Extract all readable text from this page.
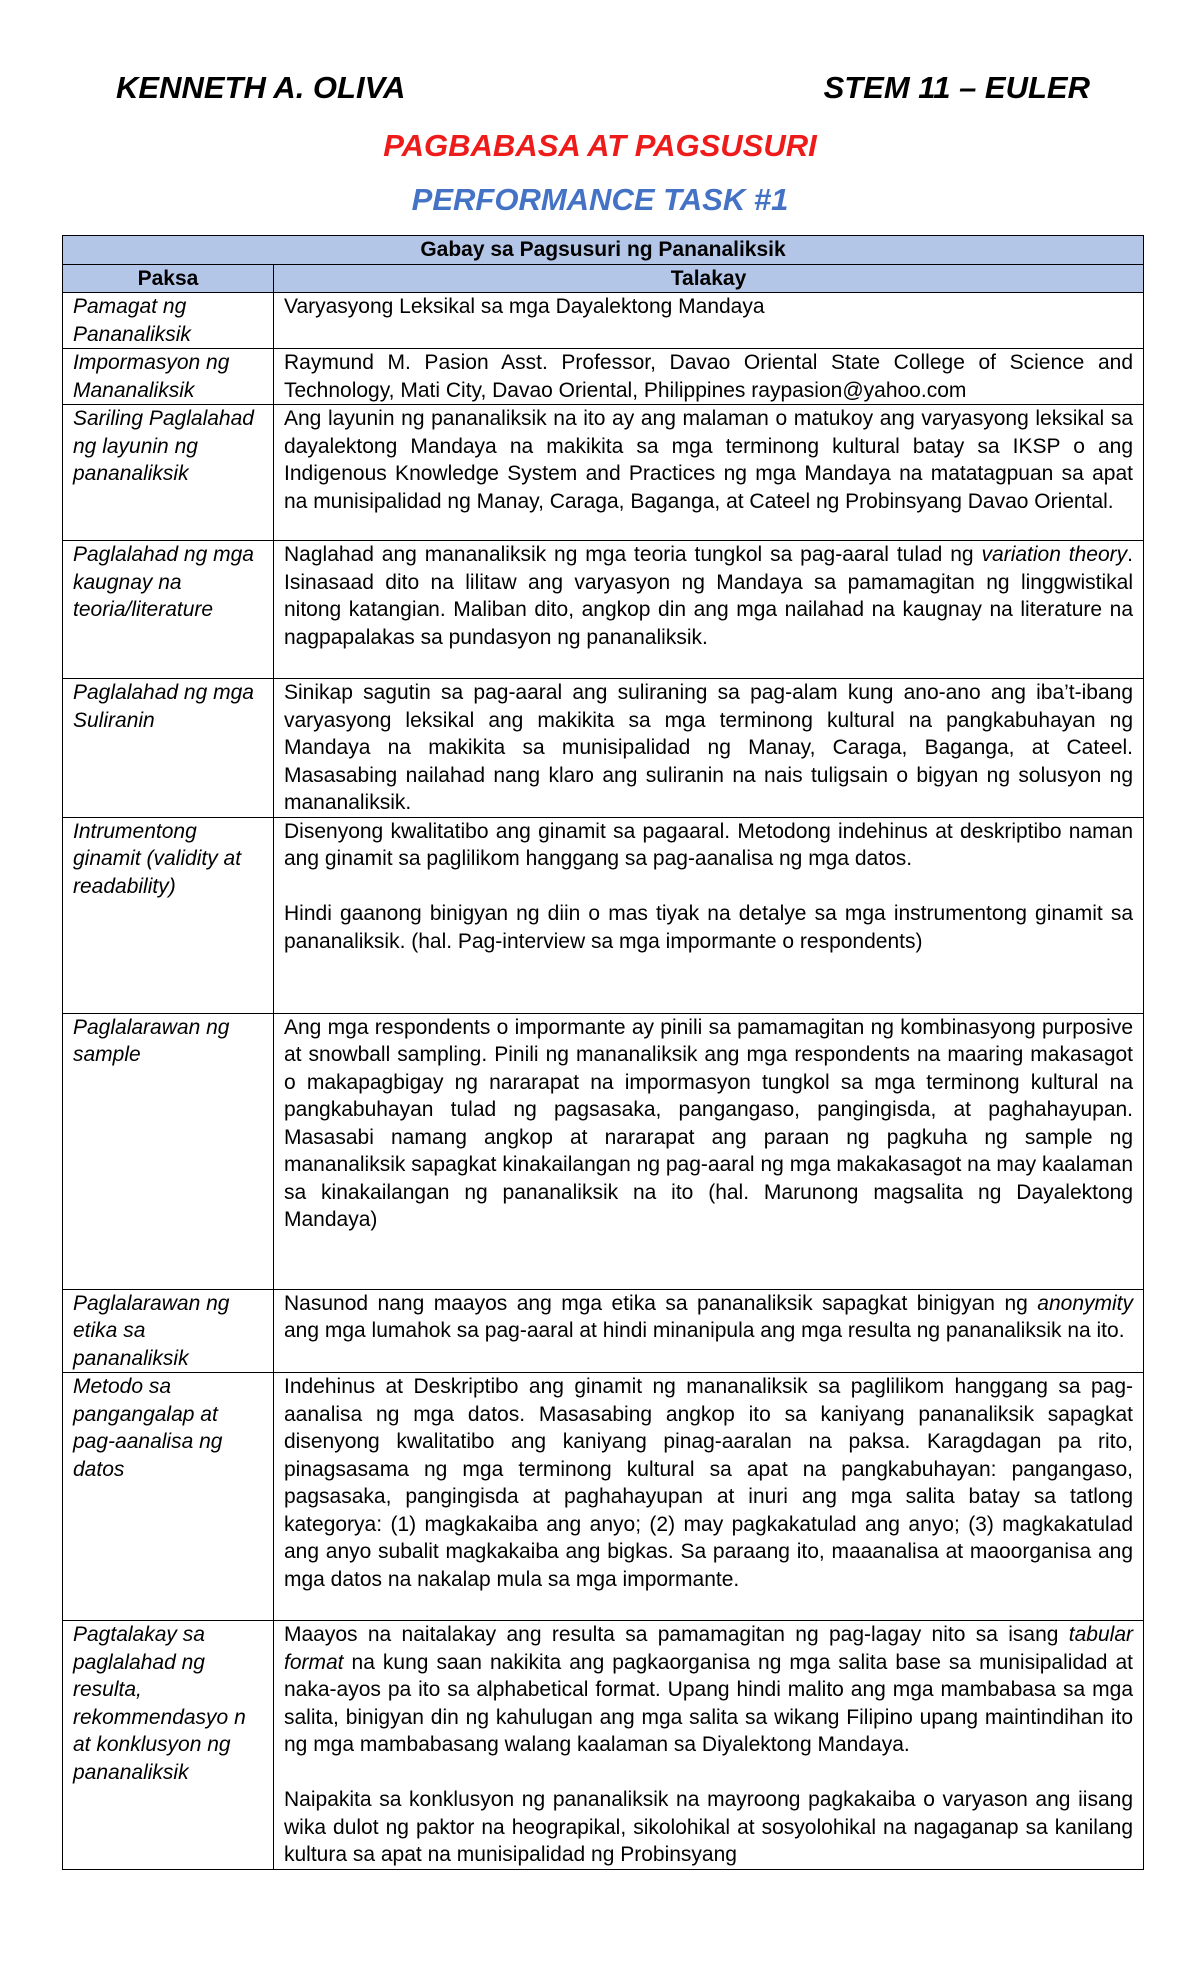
KENNETH A. OLIVA	STEM 11 – EULER
PAGBABASA AT PAGSUSURI
PERFORMANCE TASK #1
Gabay sa Pagsusuri ng Pananaliksik	
Paksa	Talakay
Pamagat ng Pananaliksik	Varyasyong Leksikal sa mga Dayalektong Mandaya

Impormasyon ng Mananaliksik	Raymund M. Pasion Asst. Professor, Davao Oriental State College of Science and Technology, Mati City, Davao Oriental, Philippines raypasion@yahoo.com

Sariling Paglalahad ng layunin ng pananaliksik	Ang layunin ng pananaliksik na ito ay ang malaman o matukoy ang varyasyong leksikal sa dayalektong Mandaya na makikita sa mga terminong kultural batay sa IKSP o ang Indigenous Knowledge System and Practices ng mga Mandaya na matatagpuan sa apat na munisipalidad ng Manay, Caraga, Baganga, at Cateel ng Probinsyang Davao Oriental.

Paglalahad ng mga kaugnay na teoria/literature	Naglahad ang mananaliksik ng mga teoria tungkol sa pag-aaral tulad ng variation theory. Isinasaad dito na lilitaw ang varyasyon ng Mandaya sa pamamagitan ng linggwistikal nitong katangian. Maliban dito, angkop din ang mga nailahad na kaugnay na literature na nagpapalakas sa pundasyon ng pananaliksik.

Paglalahad ng mga Suliranin	Sinikap sagutin sa pag-aaral ang suliraning sa pag-alam kung ano-ano ang iba’t-ibang varyasyong leksikal ang makikita sa mga terminong kultural na pangkabuhayan ng Mandaya na makikita sa munisipalidad ng Manay, Caraga, Baganga, at Cateel. Masasabing nailahad nang klaro ang suliranin na nais tuligsain o bigyan ng solusyon ng mananaliksik.

Intrumentong ginamit (validity at readability)	Disenyong kwalitatibo ang ginamit sa pagaaral. Metodong indehinus at deskriptibo naman ang ginamit sa paglilikom hanggang sa pag-aanalisa ng mga datos.
Hindi gaanong binigyan ng diin o mas tiyak na detalye sa mga instrumentong ginamit sa pananaliksik. (hal. Pag-interview sa mga impormante o respondents)

Paglalarawan ng sample	Ang mga respondents o impormante ay pinili sa pamamagitan ng kombinasyong purposive at snowball sampling. Pinili ng mananaliksik ang mga respondents na maaring makasagot o makapagbigay ng nararapat na impormasyon tungkol sa mga terminong kultural na pangkabuhayan tulad ng pagsasaka, pangangaso, pangingisda, at paghahayupan. Masasabi namang angkop at nararapat ang paraan ng pagkuha ng sample ng mananaliksik sapagkat kinakailangan ng pag-aaral ng mga makakasagot na may kaalaman sa kinakailangan ng pananaliksik na ito (hal. Marunong magsalita ng Dayalektong Mandaya)

Paglalarawan ng etika sa pananaliksik	Nasunod nang maayos ang mga etika sa pananaliksik sapagkat binigyan ng anonymity ang mga lumahok sa pag-aaral at hindi minanipula ang mga resulta ng pananaliksik na ito.

Metodo sa pangangalap at pag-aanalisa ng datos	Indehinus at Deskriptibo ang ginamit ng mananaliksik sa paglilikom hanggang sa pag-aanalisa ng mga datos. Masasabing angkop ito sa kaniyang pananaliksik sapagkat disenyong kwalitatibo ang kaniyang pinag-aaralan na paksa. Karagdagan pa rito, pinagsasama ng mga terminong kultural sa apat na pangkabuhayan: pangangaso, pagsasaka, pangingisda at paghahayupan at inuri ang mga salita batay sa tatlong kategorya: (1) magkakaiba ang anyo; (2) may pagkakatulad ang anyo; (3) magkakatulad ang anyo subalit magkakaiba ang bigkas. Sa paraang ito, maaanalisa at maoorganisa ang mga datos na nakalap mula sa mga impormante.

Pagtalakay sa paglalahad ng resulta, rekommendasyo n at konklusyon ng pananaliksik	Maayos na naitalakay ang resulta sa pamamagitan ng pag-lagay nito sa isang tabular format na kung saan nakikita ang pagkaorganisa ng mga salita base sa munisipalidad at naka-ayos pa ito sa alphabetical format. Upang hindi malito ang mga mambabasa sa mga salita, binigyan din ng kahulugan ang mga salita sa wikang Filipino upang maintindihan ito ng mga mambabasang walang kaalaman sa Diyalektong Mandaya.
Naipakita sa konklusyon ng pananaliksik na mayroong pagkakaiba o varyason ang iisang wika dulot ng paktor na heograpikal, sikolohikal at sosyolohikal na nagaganap sa kanilang kultura sa apat na munisipalidad ng Probinsyang
